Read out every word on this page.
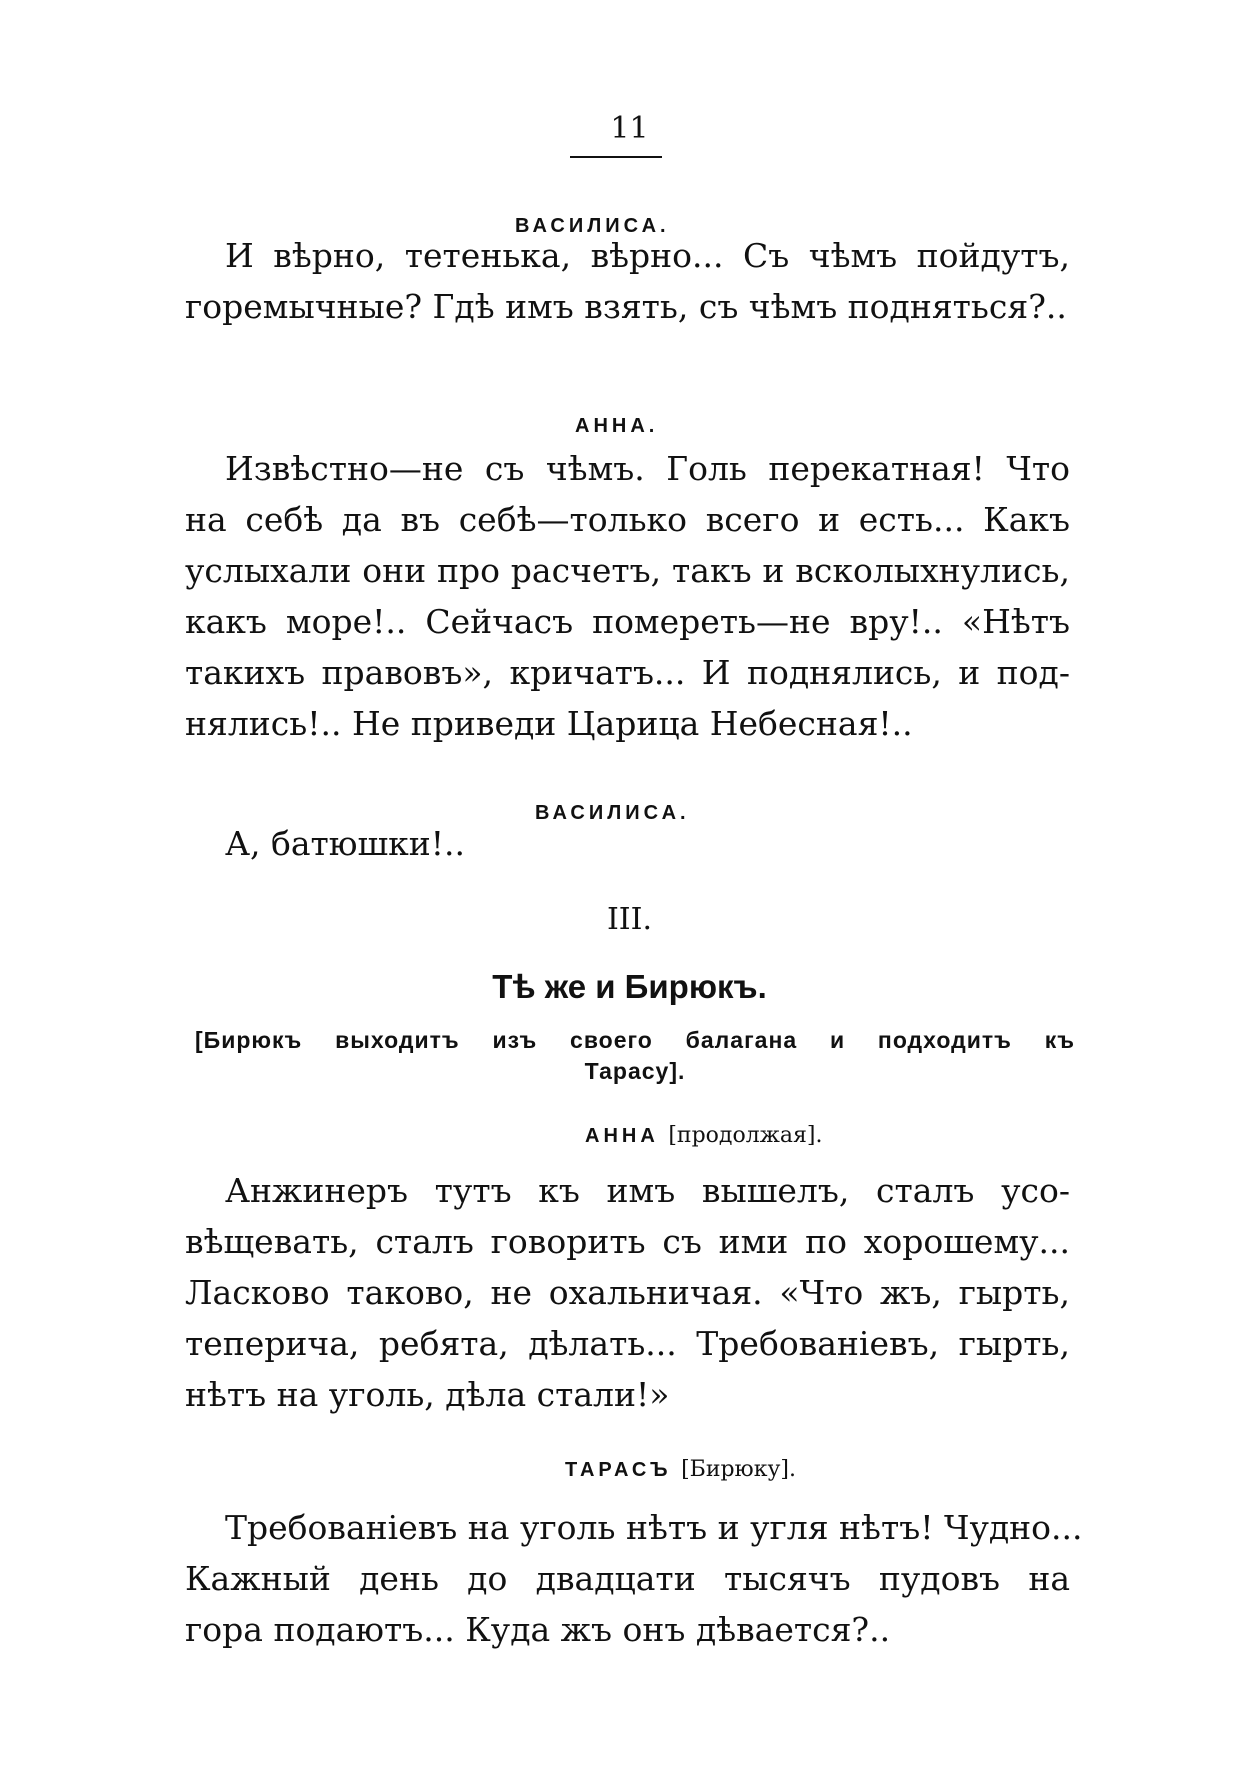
11
ВАСИЛИСА.
И вѣрно, тетенька, вѣрно... Съ чѣмъ пойдутъ,
горемычные? Гдѣ имъ взять, съ чѣмъ подняться?..
АННА.
Извѣстно—не съ чѣмъ. Голь перекатная! Что
на себѣ да въ себѣ—только всего и есть... Какъ
услыхали они про расчетъ, такъ и всколыхнулись,
какъ море!.. Сейчасъ помереть—не вру!.. «Нѣтъ
такихъ правовъ», кричатъ... И поднялись, и под-
нялись!.. Не приведи Царица Небесная!..
ВАСИЛИСА.
А, батюшки!..
III.
Тѣ же и Бирюкъ.
[Бирюкъ выходитъ изъ своего балагана и подходитъ къ
Тарасу].
АННА [продолжая].
Анжинеръ тутъ къ имъ вышелъ, сталъ усо-
вѣщевать, сталъ говорить съ ими по хорошему...
Ласково таково, не охальничая. «Что жъ, гырть,
теперича, ребята, дѣлать... Требованiевъ, гырть,
нѣтъ на уголь, дѣла стали!»
ТАРАСЪ [Бирюку].
Требованiевъ на уголь нѣтъ и угля нѣтъ! Чудно...
Кажный день до двадцати тысячъ пудовъ на
гора подаютъ... Куда жъ онъ дѣвается?..
